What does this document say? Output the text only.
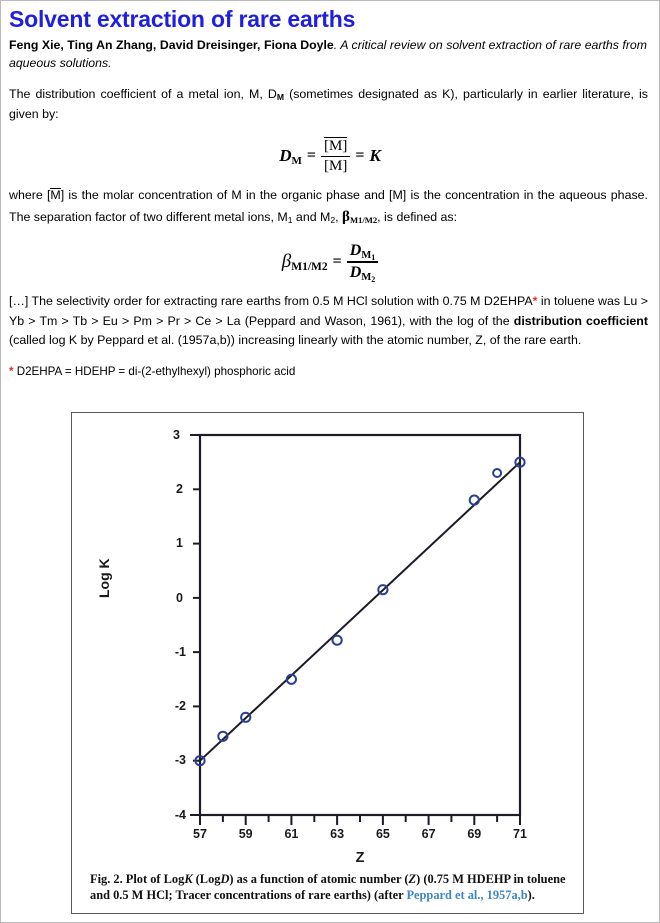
Solvent extraction of rare earths
Feng Xie, Ting An Zhang, David Dreisinger, Fiona Doyle. A critical review on solvent extraction of rare earths from aqueous solutions.

The distribution coefficient of a metal ion, M, $D_M$ (sometimes designated as K), particularly in earlier literature, is given by:

$D_M = \frac{[M]}{[M]} = K$

where [M] is the molar concentration of M in the organic phase and [M] is the concentration in the aqueous phase. The separation factor of two different metal ions, $M_1$ and $M_2$, $\beta_{M1/M2}$, is defined as:

$\beta_{M1/M2} = \frac{D_{M_1}}{D_{M_2}}$

[…] The selectivity order for extracting rare earths from 0.5 M HCl solution with 0.75 M D2EHPA* in toluene was Lu > Yb > Tm > Tb > Eu > Pm > Pr > Ce > La (Peppard and Wason, 1961), with the log of the distribution coefficient (called log K by Peppard et al. (1957a,b)) increasing linearly with the atomic number, Z, of the rare earth.

* D2EHPA = HDEHP = di-(2-ethylhexyl) phosphoric acid

Log K
3
2
1
0
-1
-2
-3
-4
57	59	61	63	65	67	69	71
Z
Fig. 2. Plot of LogK (LogD) as a function of atomic number (Z) (0.75 M HDEHP in toluene and 0.5 M HCl; Tracer concentrations of rare earths) (after Peppard et al., 1957a,b).
